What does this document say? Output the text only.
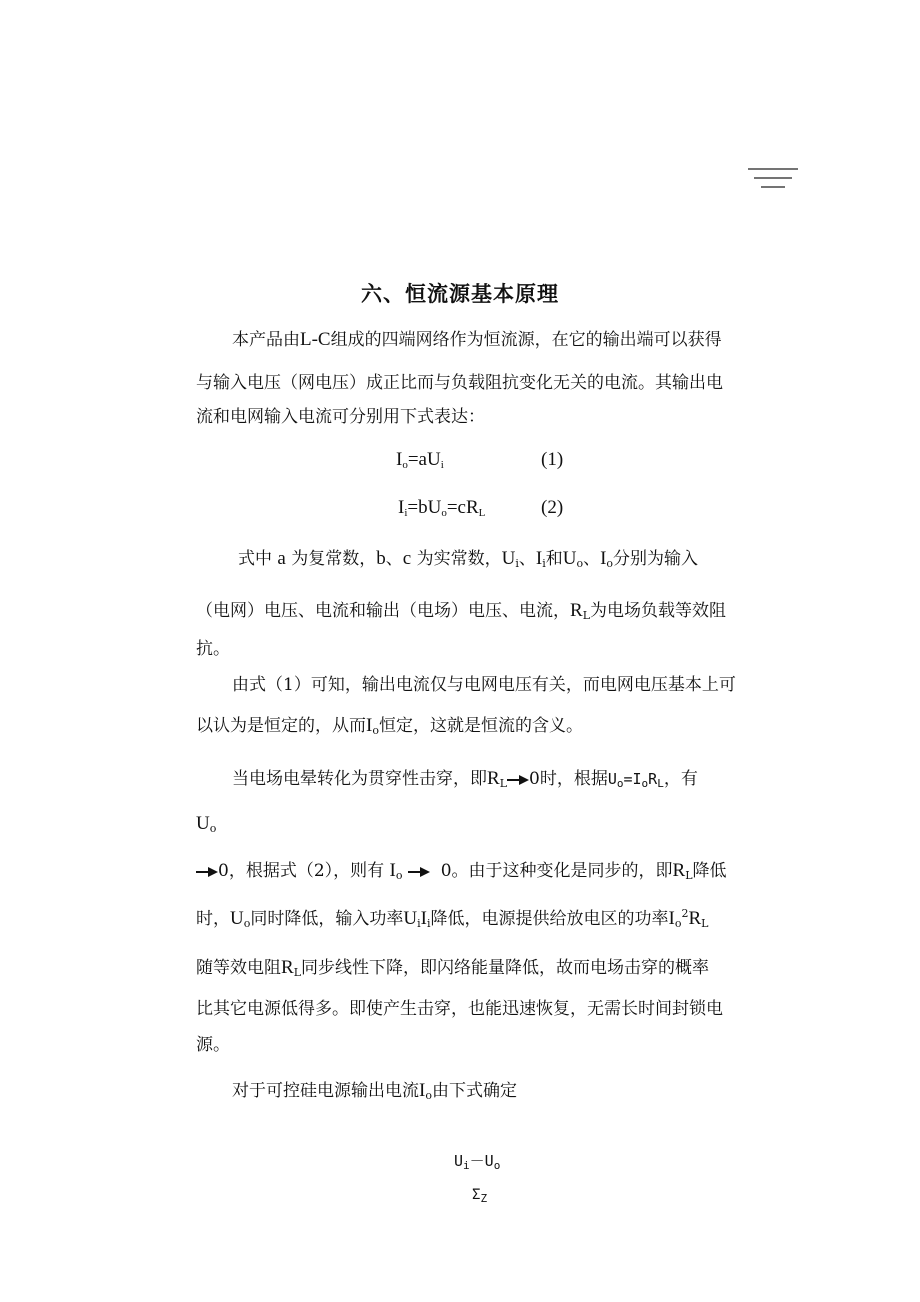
六、恒流源基本原理

本产品由L-C组成的四端网络作为恒流源，在它的输出端可以获得

与输入电压（网电压）成正比而与负载阻抗变化无关的电流。其输出电

流和电网输入电流可分别用下式表达：

$I_o=aU_i$	(1)
$I_i=bU_o=cR_L$	(2)

式中 a 为复常数，b、c 为实常数，$U_i$、$I_i$和$U_o$、$I_o$分别为输入

（电网）电压、电流和输出（电场）电压、电流，$R_L$为电场负载等效阻

抗。

由式（1）可知，输出电流仅与电网电压有关，而电网电压基本上可

以认为是恒定的，从而$I_o$恒定，这就是恒流的含义。

当电场电晕转化为贯穿性击穿，即$R_L$ 0时，根据$U_o=I_oR_L$，有

$U_o$

0，根据式（2），则有 $I_o$ 0。由于这种变化是同步的，即$R_L$降低

时，$U_o$同时降低，输入功率$U_iI_i$降低，电源提供给放电区的功率$I_o^2R_L$

随等效电阻$R_L$同步线性下降，即闪络能量降低，故而电场击穿的概率

比其它电源低得多。即使产生击穿，也能迅速恢复，无需长时间封锁电

源。

对于可控硅电源输出电流$I_o$由下式确定

$U_i-U_o$
$\Sigma_Z$
